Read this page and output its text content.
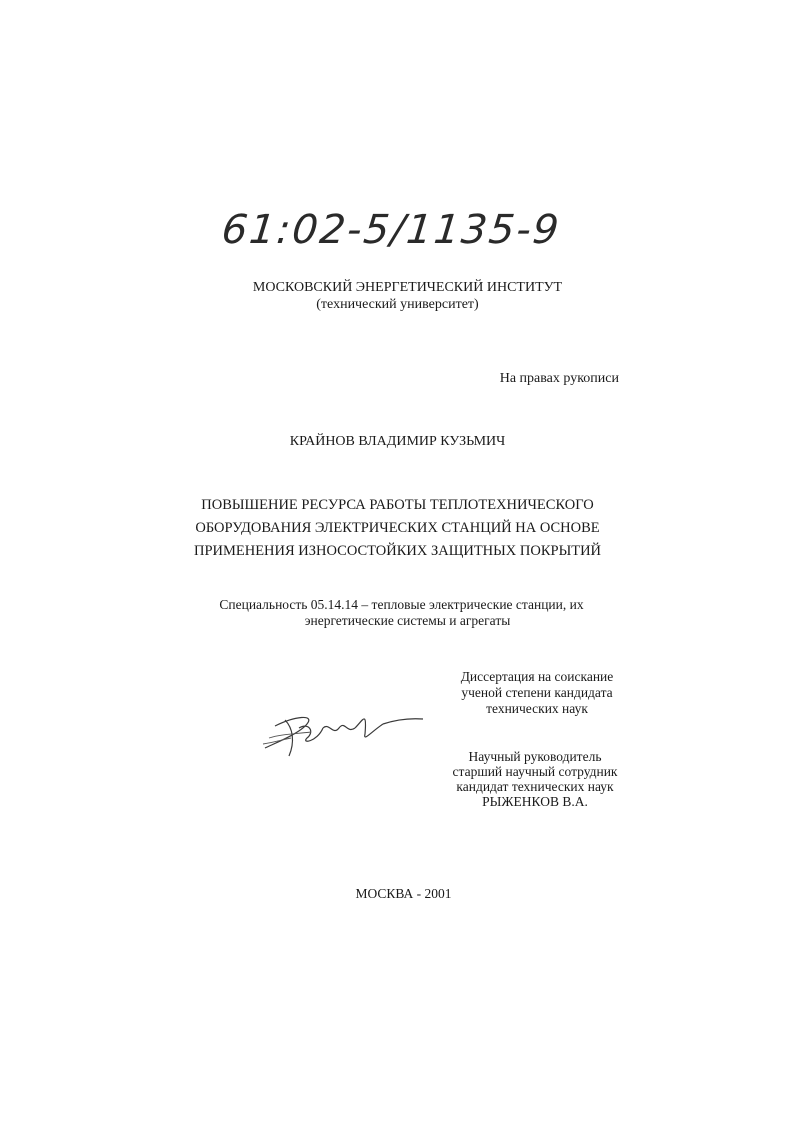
61:02-5/1135-9
МОСКОВСКИЙ ЭНЕРГЕТИЧЕСКИЙ ИНСТИТУТ
(технический университет)
На правах рукописи
КРАЙНОВ ВЛАДИМИР КУЗЬМИЧ
ПОВЫШЕНИЕ РЕСУРСА РАБОТЫ ТЕПЛОТЕХНИЧЕСКОГО
ОБОРУДОВАНИЯ ЭЛЕКТРИЧЕСКИХ СТАНЦИЙ НА ОСНОВЕ
ПРИМЕНЕНИЯ ИЗНОСОСТОЙКИХ ЗАЩИТНЫХ ПОКРЫТИЙ
Специальность 05.14.14 – тепловые электрические станции, их
энергетические системы и агрегаты
Диссертация на соискание
ученой степени кандидата
технических наук
Научный руководитель
старший научный сотрудник
кандидат технических наук
РЫЖЕНКОВ В.А.
МОСКВА - 2001
